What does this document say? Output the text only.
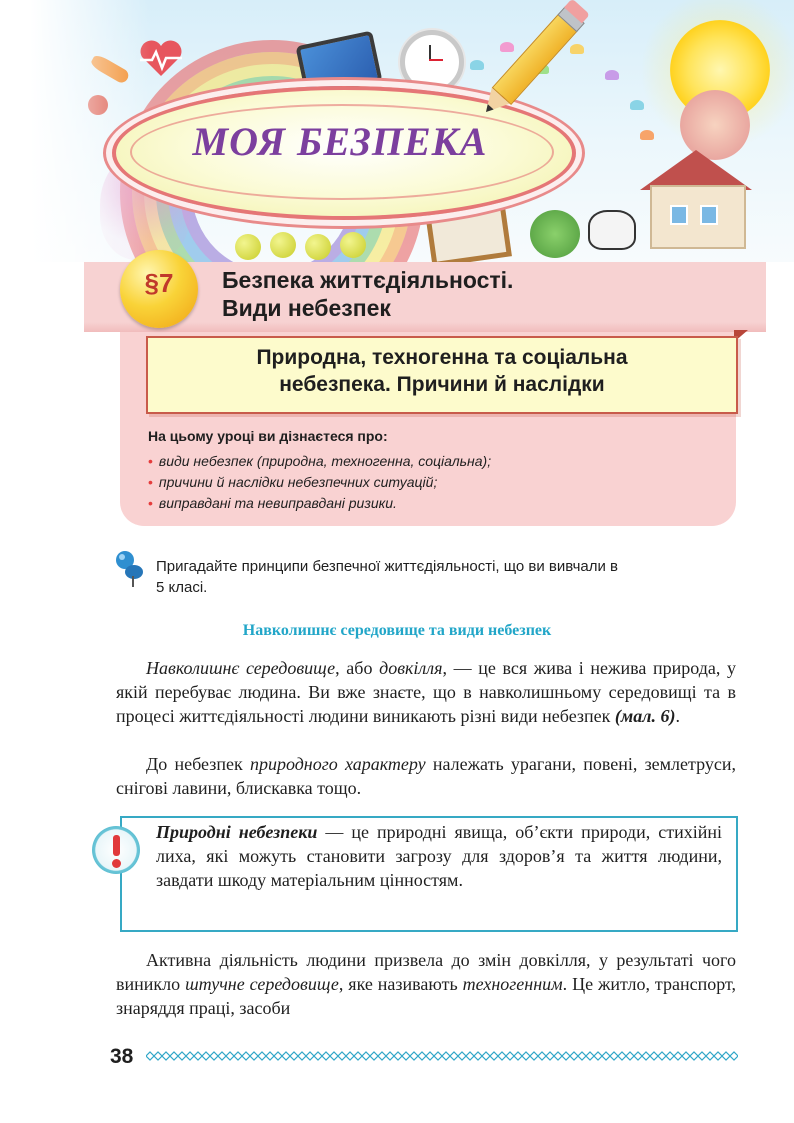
МОЯ БЕЗПЕКА
§7	Безпека життєдіяльності.
Види небезпек
Природна, техногенна та соціальна
небезпека. Причини й наслідки
На цьому уроці ви дізнаєтеся про:
• види небезпек (природна, техногенна, соціальна);
• причини й наслідки небезпечних ситуацій;
• виправдані та невиправдані ризики.
Пригадайте принципи безпечної життєдіяльності, що ви вивчали в
5 класі.
Навколишнє середовище та види небезпек

Навколишнє середовище, або довкілля, — це вся жива і нежива природа, у якій перебуває людина. Ви вже знаєте, що в навколишньому середовищі та в процесі життєдіяльності людини виникають різні види небезпек (мал. 6).

До небезпек природного характеру належать урагани, повені, землетруси, снігові лавини, блискавка тощо.

Природні небезпеки — це природні явища, об’єкти природи, стихійні лиха, які можуть становити загрозу для здоров’я та життя людини, завдати шкоду матеріальним цінностям.

Активна діяльність людини призвела до змін довкілля, у результаті чого виникло штучне середовище, яке називають техногенним. Це житло, транспорт, знаряддя праці, засоби

38
